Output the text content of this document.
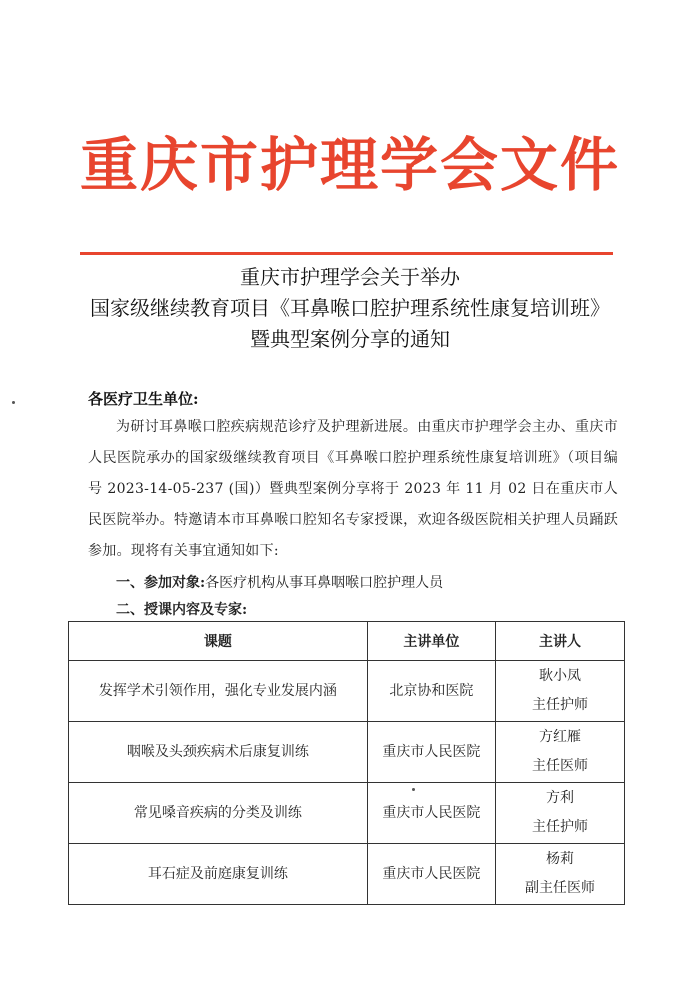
重庆市护理学会文件
重庆市护理学会关于举办
国家级继续教育项目《耳鼻喉口腔护理系统性康复培训班》
暨典型案例分享的通知
各医疗卫生单位:
为研讨耳鼻喉口腔疾病规范诊疗及护理新进展。由重庆市护理学会主办、重庆市人民医院承办的国家级继续教育项目《耳鼻喉口腔护理系统性康复培训班》（项目编号 2023-14-05-237 (国)）暨典型案例分享将于 2023 年 11 月 02 日在重庆市人民医院举办。特邀请本市耳鼻喉口腔知名专家授课，欢迎各级医院相关护理人员踊跃参加。现将有关事宜通知如下:
一、参加对象:各医疗机构从事耳鼻咽喉口腔护理人员
二、授课内容及专家:
课题	主讲单位	主讲人
发挥学术引领作用，强化专业发展内涵	北京协和医院	耿小凤
主任护师

咽喉及头颈疾病术后康复训练	重庆市人民医院	方红雁
主任医师

常见嗓音疾病的分类及训练	重庆市人民医院	方利
主任护师

耳石症及前庭康复训练	重庆市人民医院	杨莉
副主任医师
